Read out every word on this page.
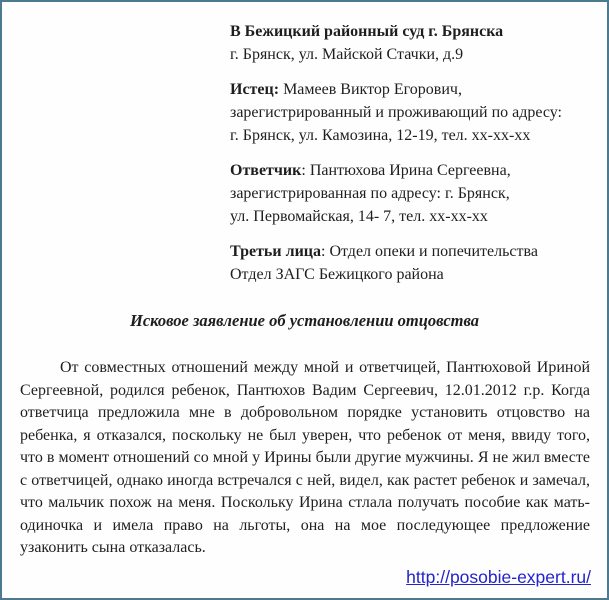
В Бежицкий районный суд г. Брянска

г. Брянск, ул. Майской Стачки, д.9

Истец: Мамеев Виктор Егорович,

зарегистрированный и проживающий по адресу:

г. Брянск, ул. Камозина, 12-19, тел. хх-хх-хх

Ответчик: Пантюхова Ирина Сергеевна,

зарегистрированная по адресу: г. Брянск,

ул. Первомайская, 14- 7, тел. хх-хх-хх

Третьи лица: Отдел опеки и попечительства

Отдел ЗАГС Бежицкого района

Исковое заявление об установлении отцовства
От совместных отношений между мной и ответчицей, Пантюховой Ириной Сергеевной, родился ребенок, Пантюхов Вадим Сергеевич, 12.01.2012 г.р. Когда ответчица предложила мне в добровольном порядке установить отцовство на ребенка, я отказался, поскольку не был уверен, что ребенок от меня, ввиду того, что в момент отношений со мной у Ирины были другие мужчины. Я не жил вместе с ответчицей, однако иногда встречался с ней, видел, как растет ребенок и замечал, что мальчик похож на меня. Поскольку Ирина стлала получать пособие как мать-одиночка и имела право на льготы, она на мое последующее предложение узаконить сына отказалась.
http://posobie-expert.ru/
